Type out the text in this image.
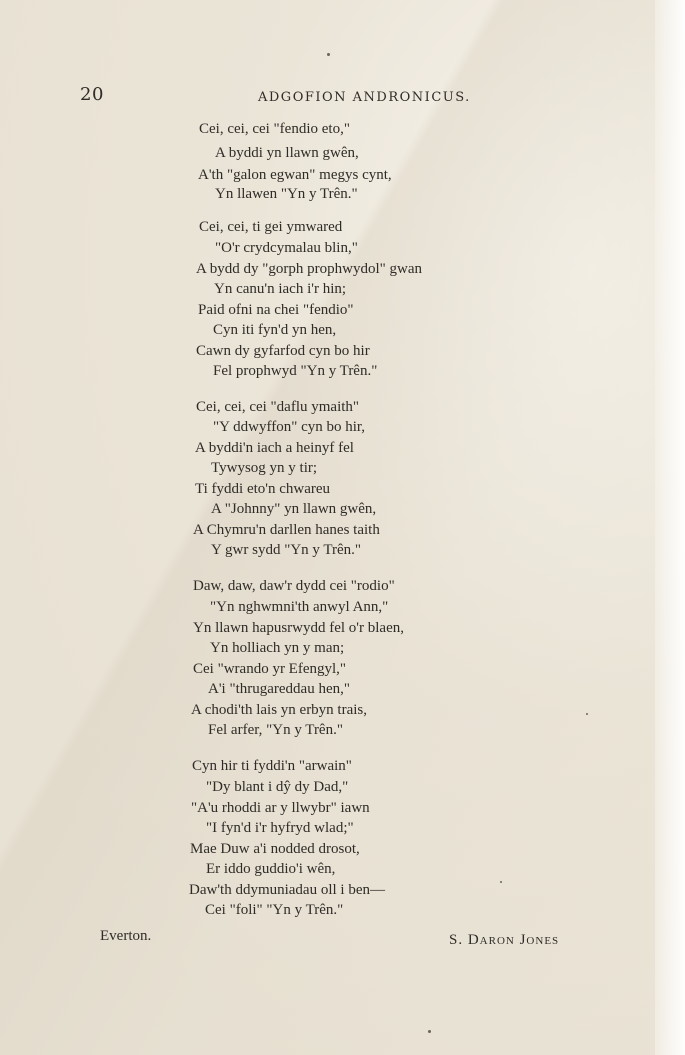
20	ADGOFION ANDRONICUS.
Cei, cei, cei "fendio eto,"
A byddi yn llawn gwên,
A'th "galon egwan" megys cynt,
Yn llawen "Yn y Trên."
Cei, cei, ti gei ymwared
"O'r crydcymalau blin,"
A bydd dy "gorph prophwydol" gwan
Yn canu'n iach i'r hin;
Paid ofni na chei "fendio"
Cyn iti fyn'd yn hen,
Cawn dy gyfarfod cyn bo hir
Fel prophwyd "Yn y Trên."
Cei, cei, cei "daflu ymaith"
"Y ddwyffon" cyn bo hir,
A byddi'n iach a heinyf fel
Tywysog yn y tir;
Ti fyddi eto'n chwareu
A "Johnny" yn llawn gwên,
A Chymru'n darllen hanes taith
Y gwr sydd "Yn y Trên."
Daw, daw, daw'r dydd cei "rodio"
"Yn nghwmni'th anwyl Ann,"
Yn llawn hapusrwydd fel o'r blaen,
Yn holliach yn y man;
Cei "wrando yr Efengyl,"
A'i "thrugareddau hen,"
A chodi'th lais yn erbyn trais,
Fel arfer, "Yn y Trên."
Cyn hir ti fyddi'n "arwain"
"Dy blant i dŷ dy Dad,"
"A'u rhoddi ar y llwybr" iawn
"I fyn'd i'r hyfryd wlad;"
Mae Duw a'i nodded drosot,
Er iddo guddio'i wên,
Daw'th ddymuniadau oll i ben—
Cei "foli" "Yn y Trên."
Everton.	S. Daron Jones
